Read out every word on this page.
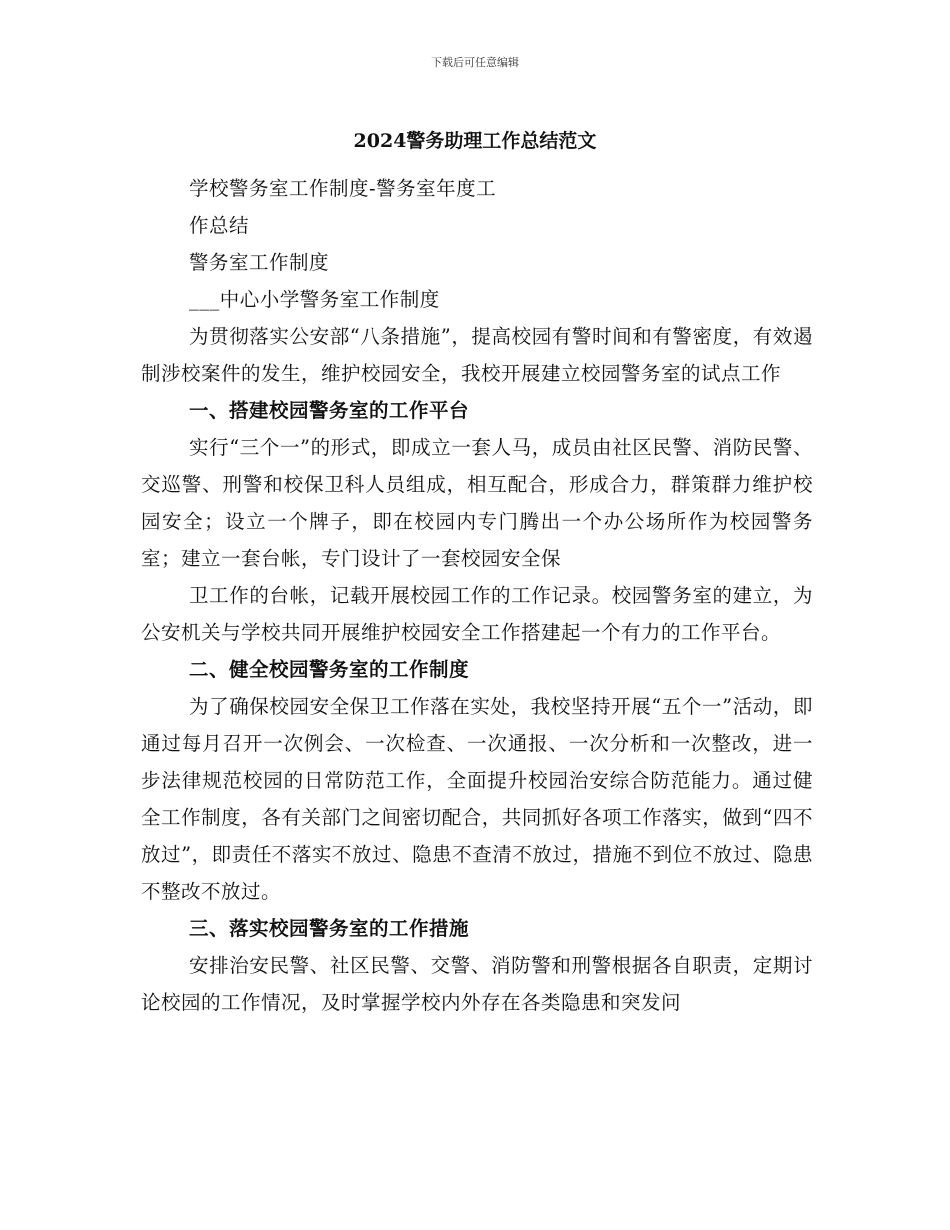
下载后可任意编辑
2024警务助理工作总结范文

学校警务室工作制度-警务室年度工

作总结

警务室工作制度

___中心小学警务室工作制度

为贯彻落实公安部“八条措施”，提高校园有警时间和有警密度，有效遏制涉校案件的发生，维护校园安全，我校开展建立校园警务室的试点工作

一、搭建校园警务室的工作平台

实行“三个一”的形式，即成立一套人马，成员由社区民警、消防民警、交巡警、刑警和校保卫科人员组成，相互配合，形成合力，群策群力维护校园安全；设立一个牌子，即在校园内专门腾出一个办公场所作为校园警务室；建立一套台帐，专门设计了一套校园安全保

卫工作的台帐，记载开展校园工作的工作记录。校园警务室的建立，为公安机关与学校共同开展维护校园安全工作搭建起一个有力的工作平台。

二、健全校园警务室的工作制度

为了确保校园安全保卫工作落在实处，我校坚持开展“五个一”活动，即通过每月召开一次例会、一次检查、一次通报、一次分析和一次整改，进一步法律规范校园的日常防范工作，全面提升校园治安综合防范能力。通过健全工作制度，各有关部门之间密切配合，共同抓好各项工作落实，做到“四不放过”，即责任不落实不放过、隐患不查清不放过，措施不到位不放过、隐患不整改不放过。

三、落实校园警务室的工作措施

安排治安民警、社区民警、交警、消防警和刑警根据各自职责，定期讨论校园的工作情况，及时掌握学校内外存在各类隐患和突发问
